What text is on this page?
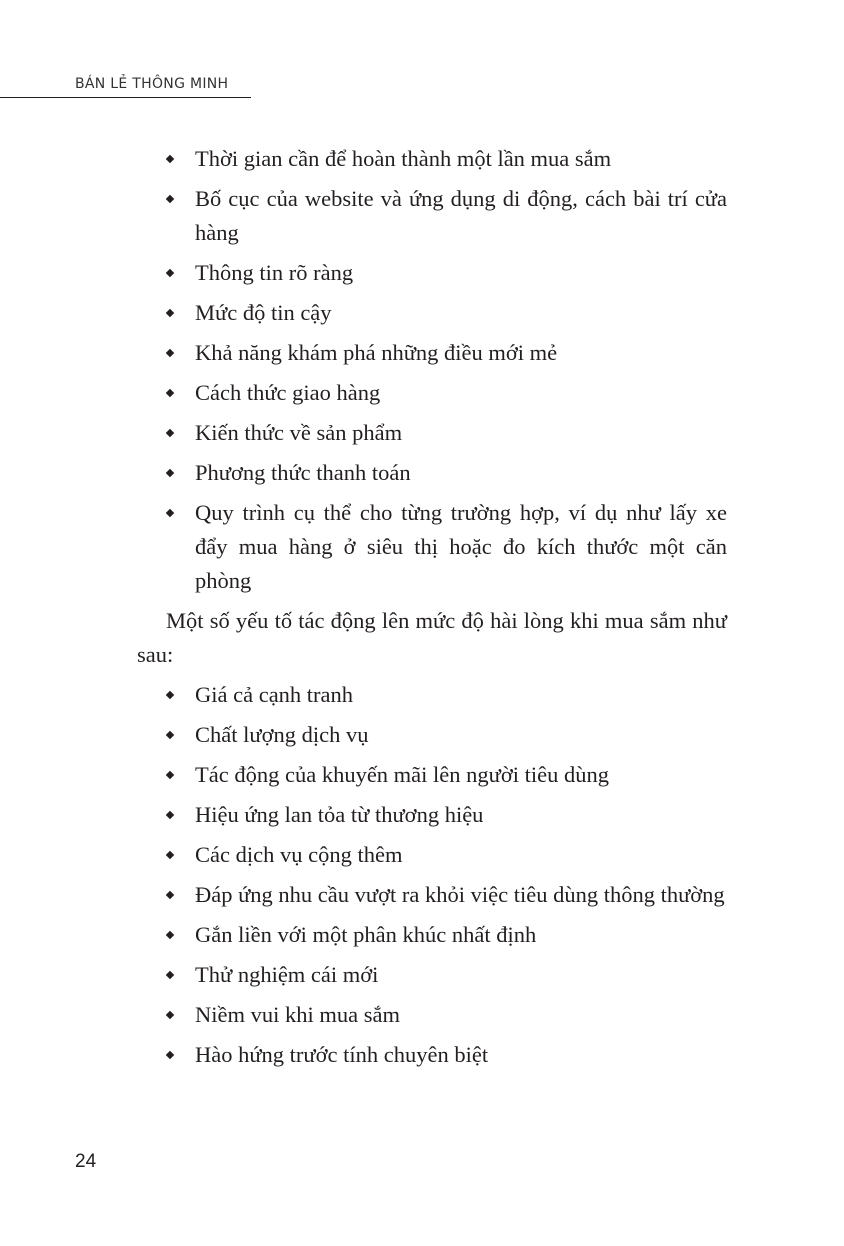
BÁN LẺ THÔNG MINH
Thời gian cần để hoàn thành một lần mua sắm
Bố cục của website và ứng dụng di động, cách bài trí cửa hàng
Thông tin rõ ràng
Mức độ tin cậy
Khả năng khám phá những điều mới mẻ
Cách thức giao hàng
Kiến thức về sản phẩm
Phương thức thanh toán
Quy trình cụ thể cho từng trường hợp, ví dụ như lấy xe đẩy mua hàng ở siêu thị hoặc đo kích thước một căn phòng

Một số yếu tố tác động lên mức độ hài lòng khi mua sắm như sau:

Giá cả cạnh tranh
Chất lượng dịch vụ
Tác động của khuyến mãi lên người tiêu dùng
Hiệu ứng lan tỏa từ thương hiệu
Các dịch vụ cộng thêm
Đáp ứng nhu cầu vượt ra khỏi việc tiêu dùng thông thường
Gắn liền với một phân khúc nhất định
Thử nghiệm cái mới
Niềm vui khi mua sắm
Hào hứng trước tính chuyên biệt
24
